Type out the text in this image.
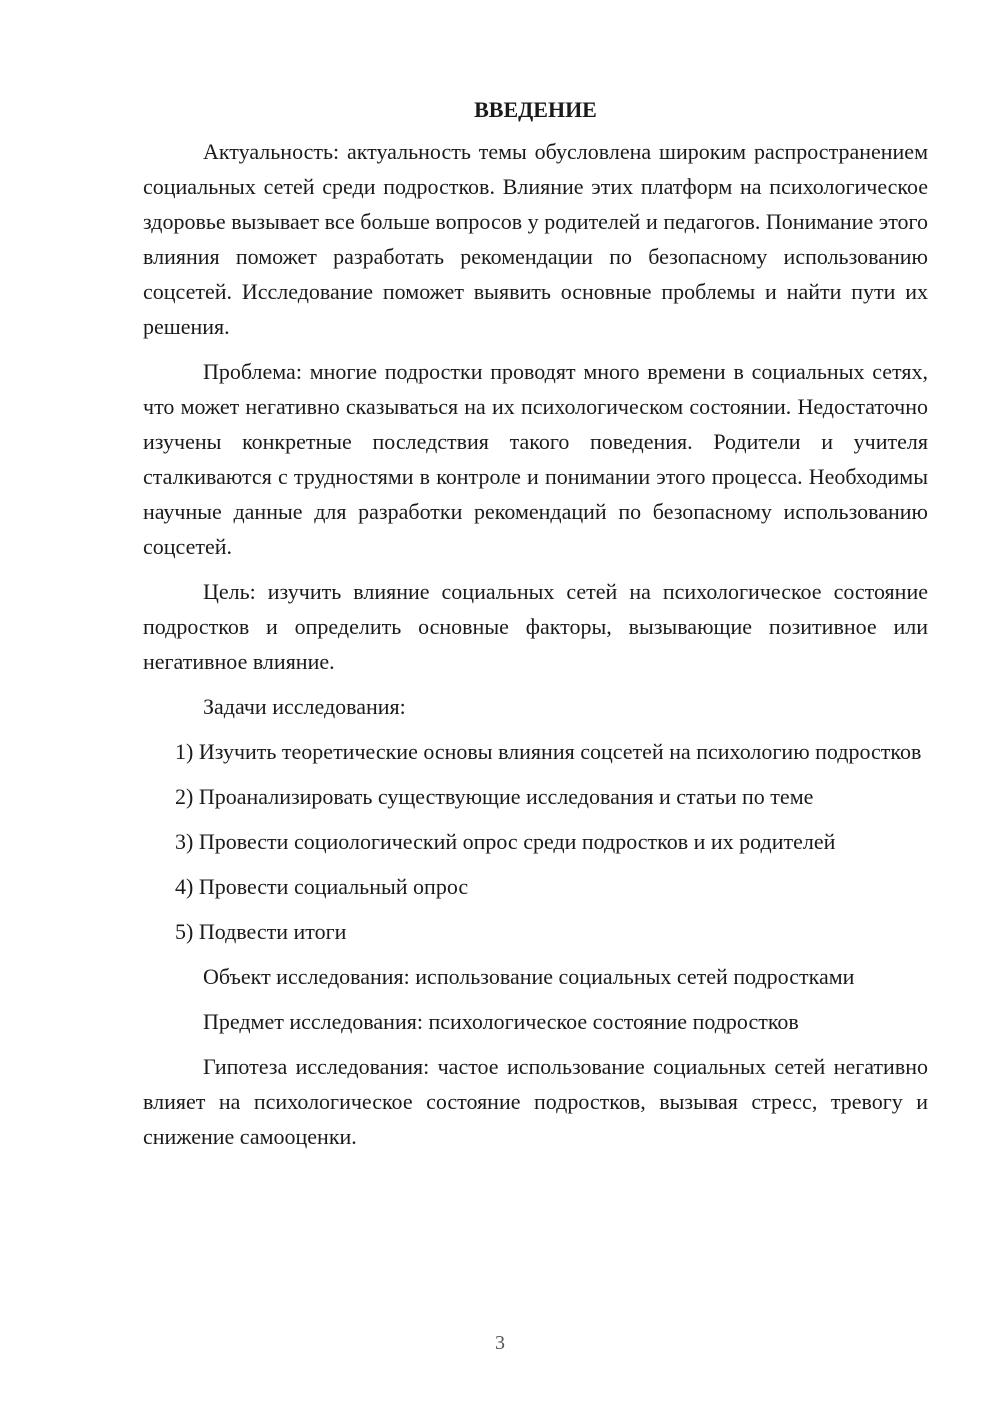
ВВЕДЕНИЕ

Актуальность: актуальность темы обусловлена широким распространением социальных сетей среди подростков. Влияние этих платформ на психологическое здоровье вызывает все больше вопросов у родителей и педагогов. Понимание этого влияния поможет разработать рекомендации по безопасному использованию соцсетей. Исследование поможет выявить основные проблемы и найти пути их решения.

Проблема: многие подростки проводят много времени в социальных сетях, что может негативно сказываться на их психологическом состоянии. Недостаточно изучены конкретные последствия такого поведения. Родители и учителя сталкиваются с трудностями в контроле и понимании этого процесса. Необходимы научные данные для разработки рекомендаций по безопасному использованию соцсетей.

Цель: изучить влияние социальных сетей на психологическое состояние подростков и определить основные факторы, вызывающие позитивное или негативное влияние.

Задачи исследования:

1) Изучить теоретические основы влияния соцсетей на психологию подростков

2) Проанализировать существующие исследования и статьи по теме

3) Провести социологический опрос среди подростков и их родителей

4) Провести социальный опрос

5) Подвести итоги

Объект исследования: использование социальных сетей подростками

Предмет исследования: психологическое состояние подростков

Гипотеза исследования: частое использование социальных сетей негативно влияет на психологическое состояние подростков, вызывая стресс, тревогу и снижение самооценки.

3
